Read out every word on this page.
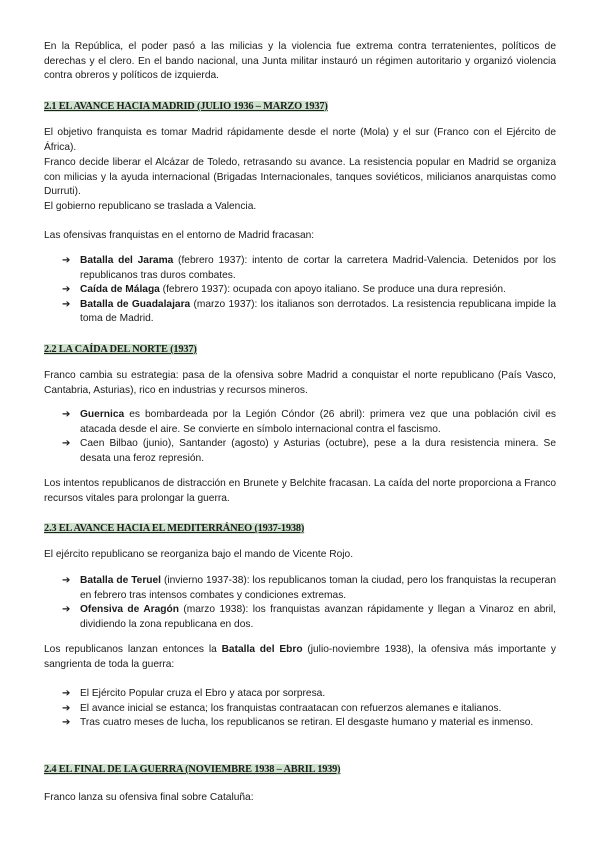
En la República, el poder pasó a las milicias y la violencia fue extrema contra terratenientes, políticos de derechas y el clero. En el bando nacional, una Junta militar instauró un régimen autoritario y organizó violencia contra obreros y políticos de izquierda.

2.1 EL AVANCE HACIA MADRID (JULIO 1936 – MARZO 1937)

El objetivo franquista es tomar Madrid rápidamente desde el norte (Mola) y el sur (Franco con el Ejército de África).

Franco decide liberar el Alcázar de Toledo, retrasando su avance. La resistencia popular en Madrid se organiza con milicias y la ayuda internacional (Brigadas Internacionales, tanques soviéticos, milicianos anarquistas como Durruti).

El gobierno republicano se traslada a Valencia.

Las ofensivas franquistas en el entorno de Madrid fracasan:

➔ Batalla del Jarama (febrero 1937): intento de cortar la carretera Madrid-Valencia. Detenidos por los republicanos tras duros combates.
➔ Caída de Málaga (febrero 1937): ocupada con apoyo italiano. Se produce una dura represión.
➔ Batalla de Guadalajara (marzo 1937): los italianos son derrotados. La resistencia republicana impide la toma de Madrid.
2.2 LA CAÍDA DEL NORTE (1937)

Franco cambia su estrategia: pasa de la ofensiva sobre Madrid a conquistar el norte republicano (País Vasco, Cantabria, Asturias), rico en industrias y recursos mineros.

➔ Guernica es bombardeada por la Legión Cóndor (26 abril): primera vez que una población civil es atacada desde el aire. Se convierte en símbolo internacional contra el fascismo.
➔ Caen Bilbao (junio), Santander (agosto) y Asturias (octubre), pese a la dura resistencia minera. Se desata una feroz represión.

Los intentos republicanos de distracción en Brunete y Belchite fracasan. La caída del norte proporciona a Franco recursos vitales para prolongar la guerra.

2.3 EL AVANCE HACIA EL MEDITERRÁNEO (1937-1938)

El ejército republicano se reorganiza bajo el mando de Vicente Rojo.

➔ Batalla de Teruel (invierno 1937-38): los republicanos toman la ciudad, pero los franquistas la recuperan en febrero tras intensos combates y condiciones extremas.
➔ Ofensiva de Aragón (marzo 1938): los franquistas avanzan rápidamente y llegan a Vinaroz en abril, dividiendo la zona republicana en dos.

Los republicanos lanzan entonces la Batalla del Ebro (julio-noviembre 1938), la ofensiva más importante y sangrienta de toda la guerra:

➔ El Ejército Popular cruza el Ebro y ataca por sorpresa.
➔ El avance inicial se estanca; los franquistas contraatacan con refuerzos alemanes e italianos.
➔ Tras cuatro meses de lucha, los republicanos se retiran. El desgaste humano y material es inmenso.
2.4 EL FINAL DE LA GUERRA (NOVIEMBRE 1938 – ABRIL 1939)

Franco lanza su ofensiva final sobre Cataluña:
